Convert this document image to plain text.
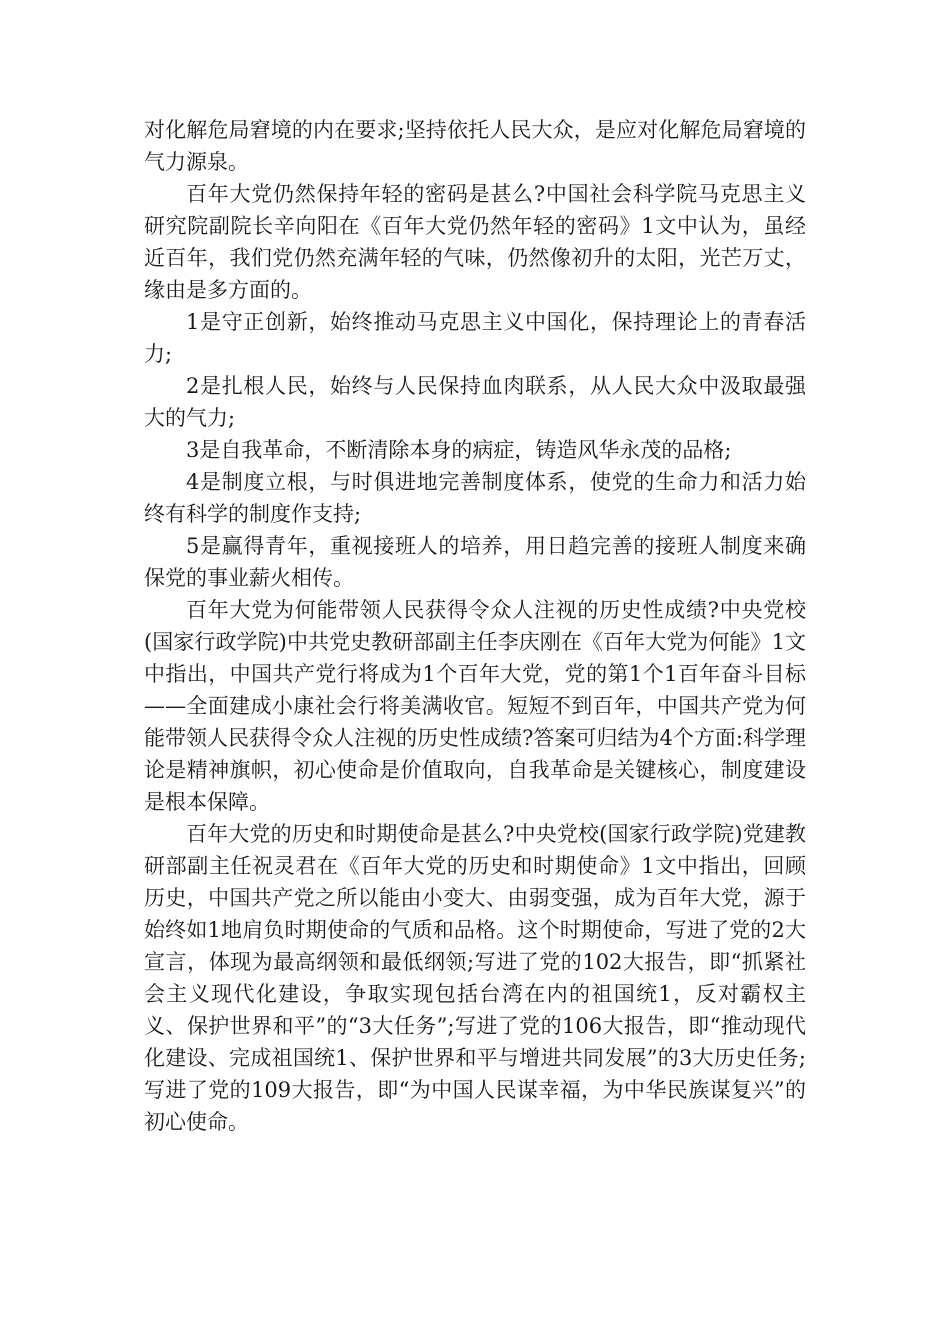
对化解危局窘境的内在要求;坚持依托人民大众，是应对化解危局窘境的气力源泉。

百年大党仍然保持年轻的密码是甚么?中国社会科学院马克思主义研究院副院长辛向阳在《百年大党仍然年轻的密码》1文中认为，虽经近百年，我们党仍然充满年轻的气味，仍然像初升的太阳，光芒万丈，缘由是多方面的。

1是守正创新，始终推动马克思主义中国化，保持理论上的青春活力;

2是扎根人民，始终与人民保持血肉联系，从人民大众中汲取最强大的气力;

3是自我革命，不断清除本身的病症，铸造风华永茂的品格;

4是制度立根，与时俱进地完善制度体系，使党的生命力和活力始终有科学的制度作支持;

5是赢得青年，重视接班人的培养，用日趋完善的接班人制度来确保党的事业薪火相传。

百年大党为何能带领人民获得令众人注视的历史性成绩?中央党校(国家行政学院)中共党史教研部副主任李庆刚在《百年大党为何能》1文中指出，中国共产党行将成为1个百年大党，党的第1个1百年奋斗目标——全面建成小康社会行将美满收官。短短不到百年，中国共产党为何能带领人民获得令众人注视的历史性成绩?答案可归结为4个方面:科学理论是精神旗帜，初心使命是价值取向，自我革命是关键核心，制度建设是根本保障。

百年大党的历史和时期使命是甚么?中央党校(国家行政学院)党建教研部副主任祝灵君在《百年大党的历史和时期使命》1文中指出，回顾历史，中国共产党之所以能由小变大、由弱变强，成为百年大党，源于始终如1地肩负时期使命的气质和品格。这个时期使命，写进了党的2大宣言，体现为最高纲领和最低纲领;写进了党的102大报告，即“抓紧社会主义现代化建设，争取实现包括台湾在内的祖国统1，反对霸权主义、保护世界和平”的“3大任务”;写进了党的106大报告，即“推动现代化建设、完成祖国统1、保护世界和平与增进共同发展”的3大历史任务;写进了党的109大报告，即“为中国人民谋幸福，为中华民族谋复兴”的初心使命。
